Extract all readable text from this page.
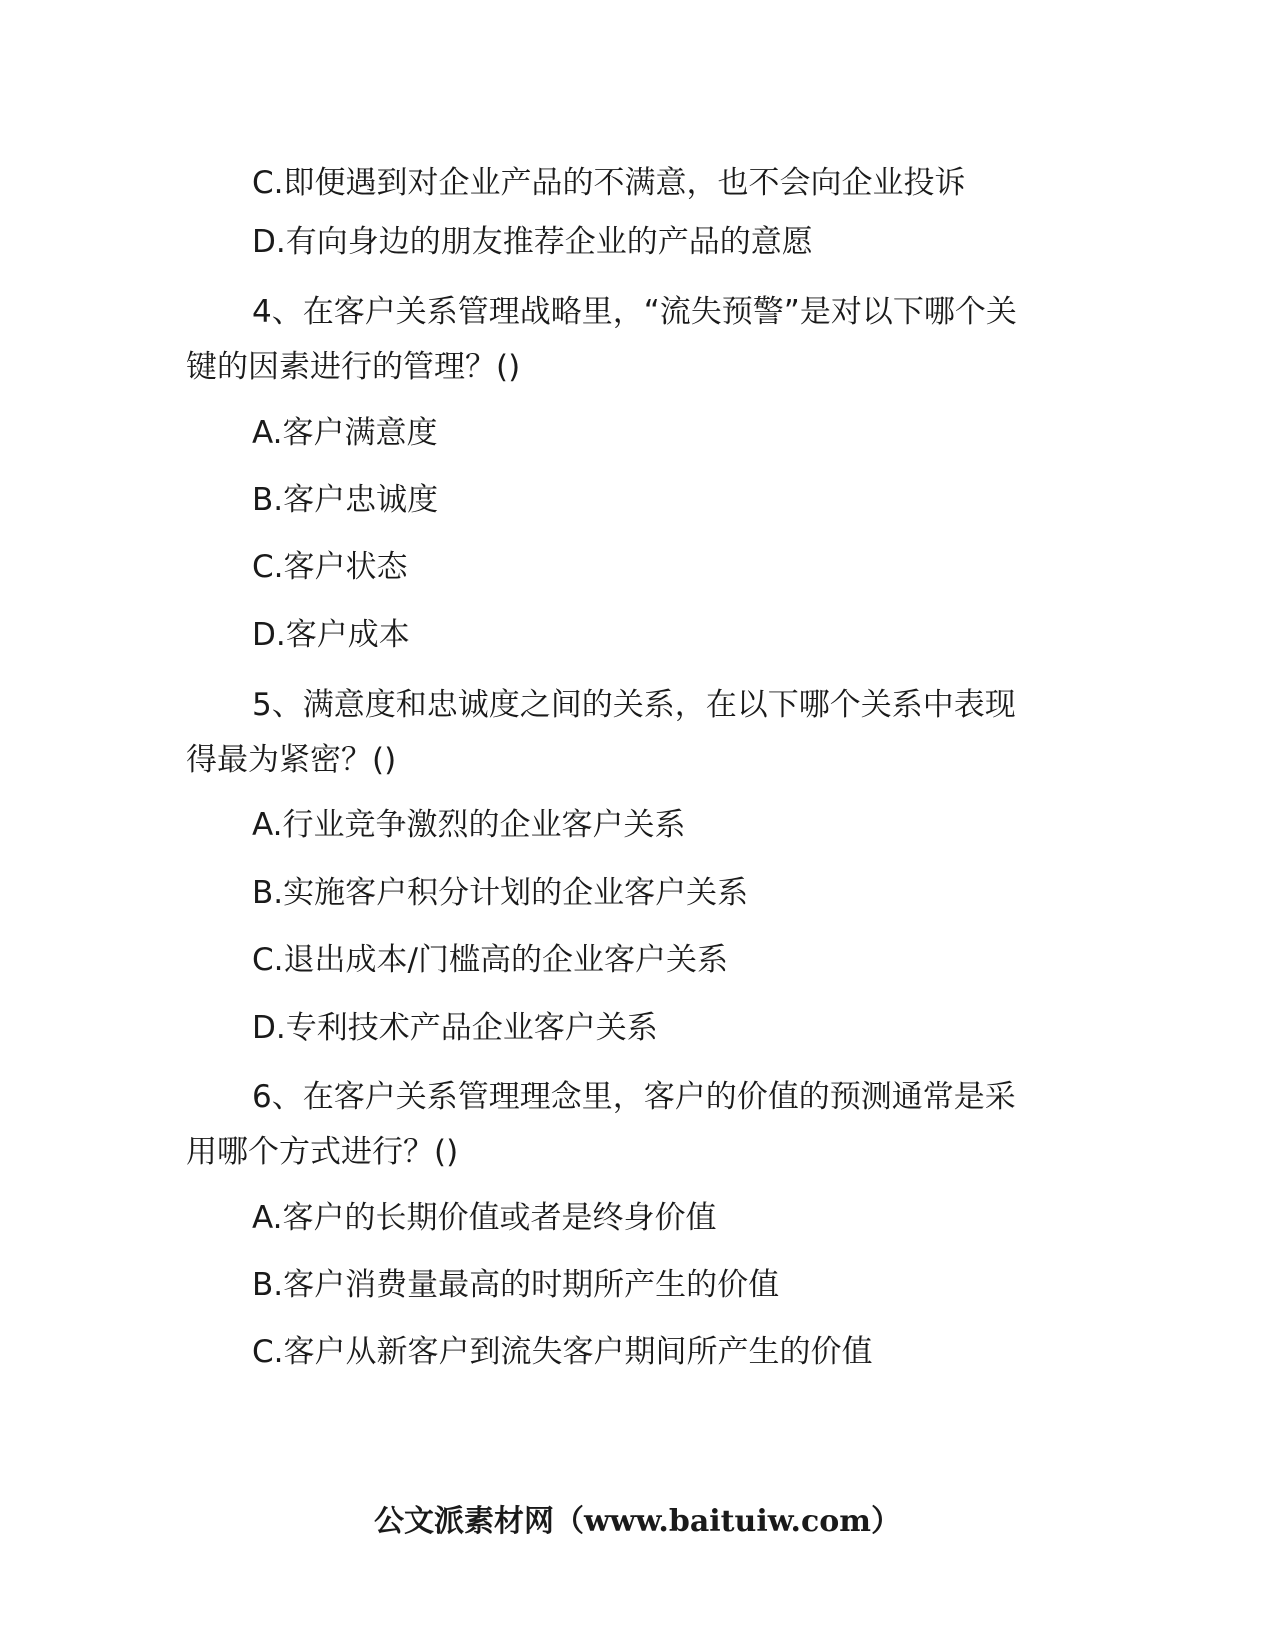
C.即便遇到对企业产品的不满意，也不会向企业投诉
D.有向身边的朋友推荐企业的产品的意愿
4、在客户关系管理战略里，“流失预警”是对以下哪个关
键的因素进行的管理？()
A.客户满意度
B.客户忠诚度
C.客户状态
D.客户成本
5、满意度和忠诚度之间的关系，在以下哪个关系中表现
得最为紧密？()
A.行业竞争激烈的企业客户关系
B.实施客户积分计划的企业客户关系
C.退出成本/门槛高的企业客户关系
D.专利技术产品企业客户关系
6、在客户关系管理理念里，客户的价值的预测通常是采
用哪个方式进行？()
A.客户的长期价值或者是终身价值
B.客户消费量最高的时期所产生的价值
C.客户从新客户到流失客户期间所产生的价值
公文派素材网（www.baituiw.com）
